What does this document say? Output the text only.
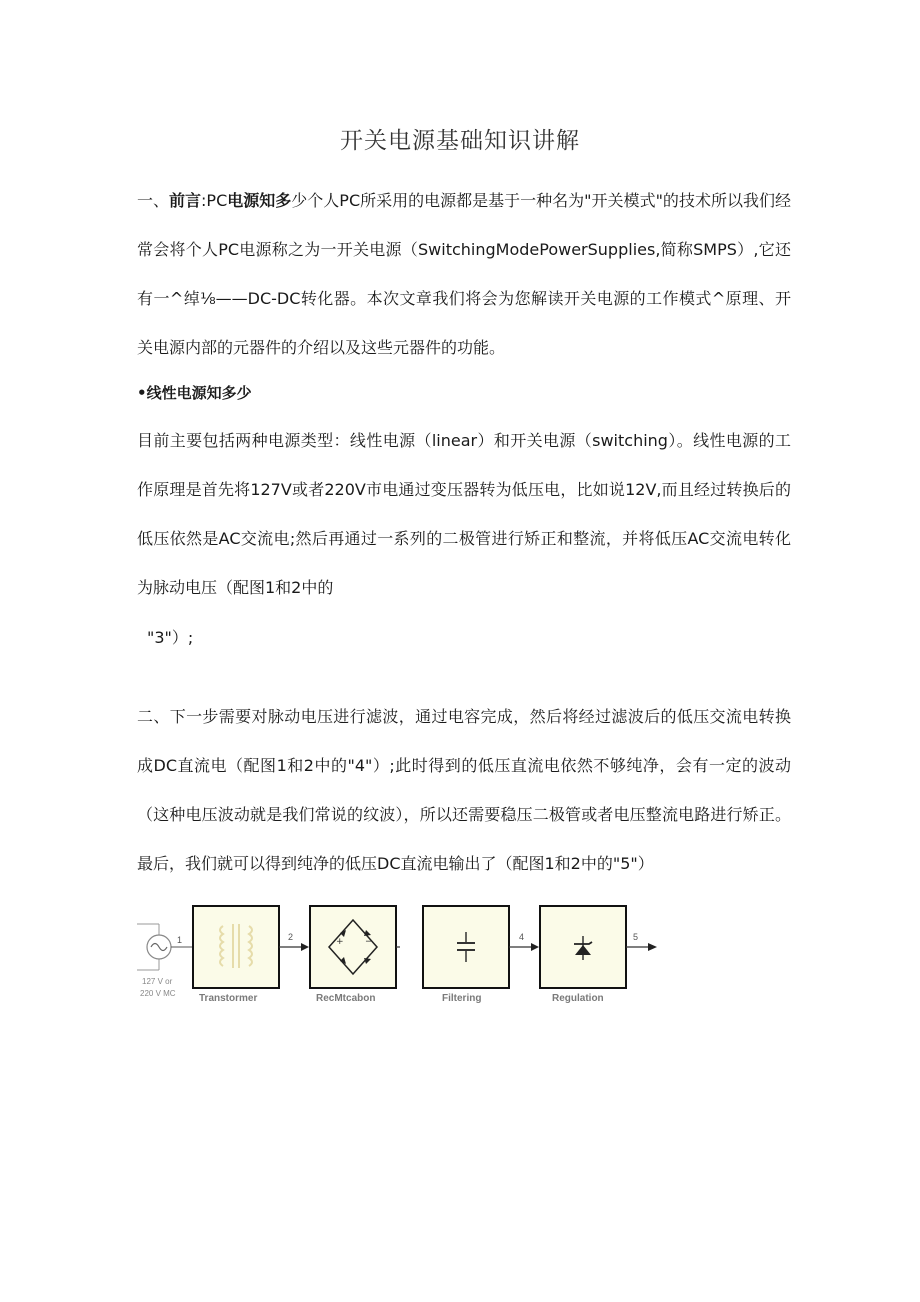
开关电源基础知识讲解

一、前言:PC电源知多少个人PC所采用的电源都是基于一种名为"开关模式"的技术所以我们经常会将个人PC电源称之为一开关电源（SwitchingModePowerSupplies,简称SMPS）,它还有一^绰⅛——DC-DC转化器。本次文章我们将会为您解读开关电源的工作模式^原理、开关电源内部的元器件的介绍以及这些元器件的功能。

•线性电源知多少

目前主要包括两种电源类型：线性电源（linear）和开关电源（switching）。线性电源的工作原理是首先将127V或者220V市电通过变压器转为低压电，比如说12V,而且经过转换后的低压依然是AC交流电;然后再通过一系列的二极管进行矫正和整流，并将低压AC交流电转化为脉动电压（配图1和2中的

"3"）;

二、下一步需要对脉动电压进行滤波，通过电容完成，然后将经过滤波后的低压交流电转换成DC直流电（配图1和2中的"4"）;此时得到的低压直流电依然不够纯净，会有一定的波动（这种电压波动就是我们常说的纹波），所以还需要稳压二极管或者电压整流电路进行矫正。最后，我们就可以得到纯净的低压DC直流电输出了（配图1和2中的"5"）

1
127 V or
220 V MC Transtormer
2	+ −
RecMtcabon	Filtering
4
Regulation
5
